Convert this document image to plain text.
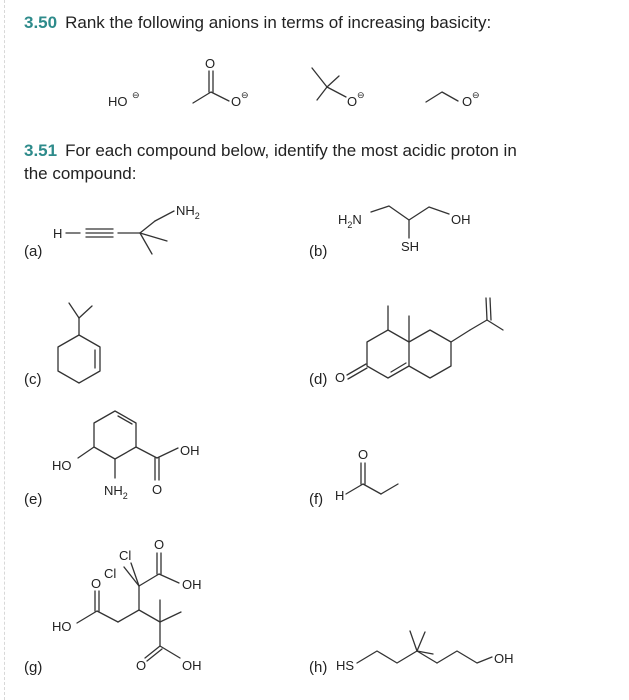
3.50 Rank the following anions in terms of increasing basicity:
3.51 For each compound below, identify the most acidic proton in
the compound:
(a)	(b)
(c)	(d)
(e)	(f)
(g)	(h)
HO ⊖
O
O ⊖	O ⊖	O ⊖
H
$NH_2$	$H_2N$	OH
SH
O
HO
$NH_2$
OH
O	H
O
HO
O
Cl
Cl
O
OH
O	OH	HS	OH
